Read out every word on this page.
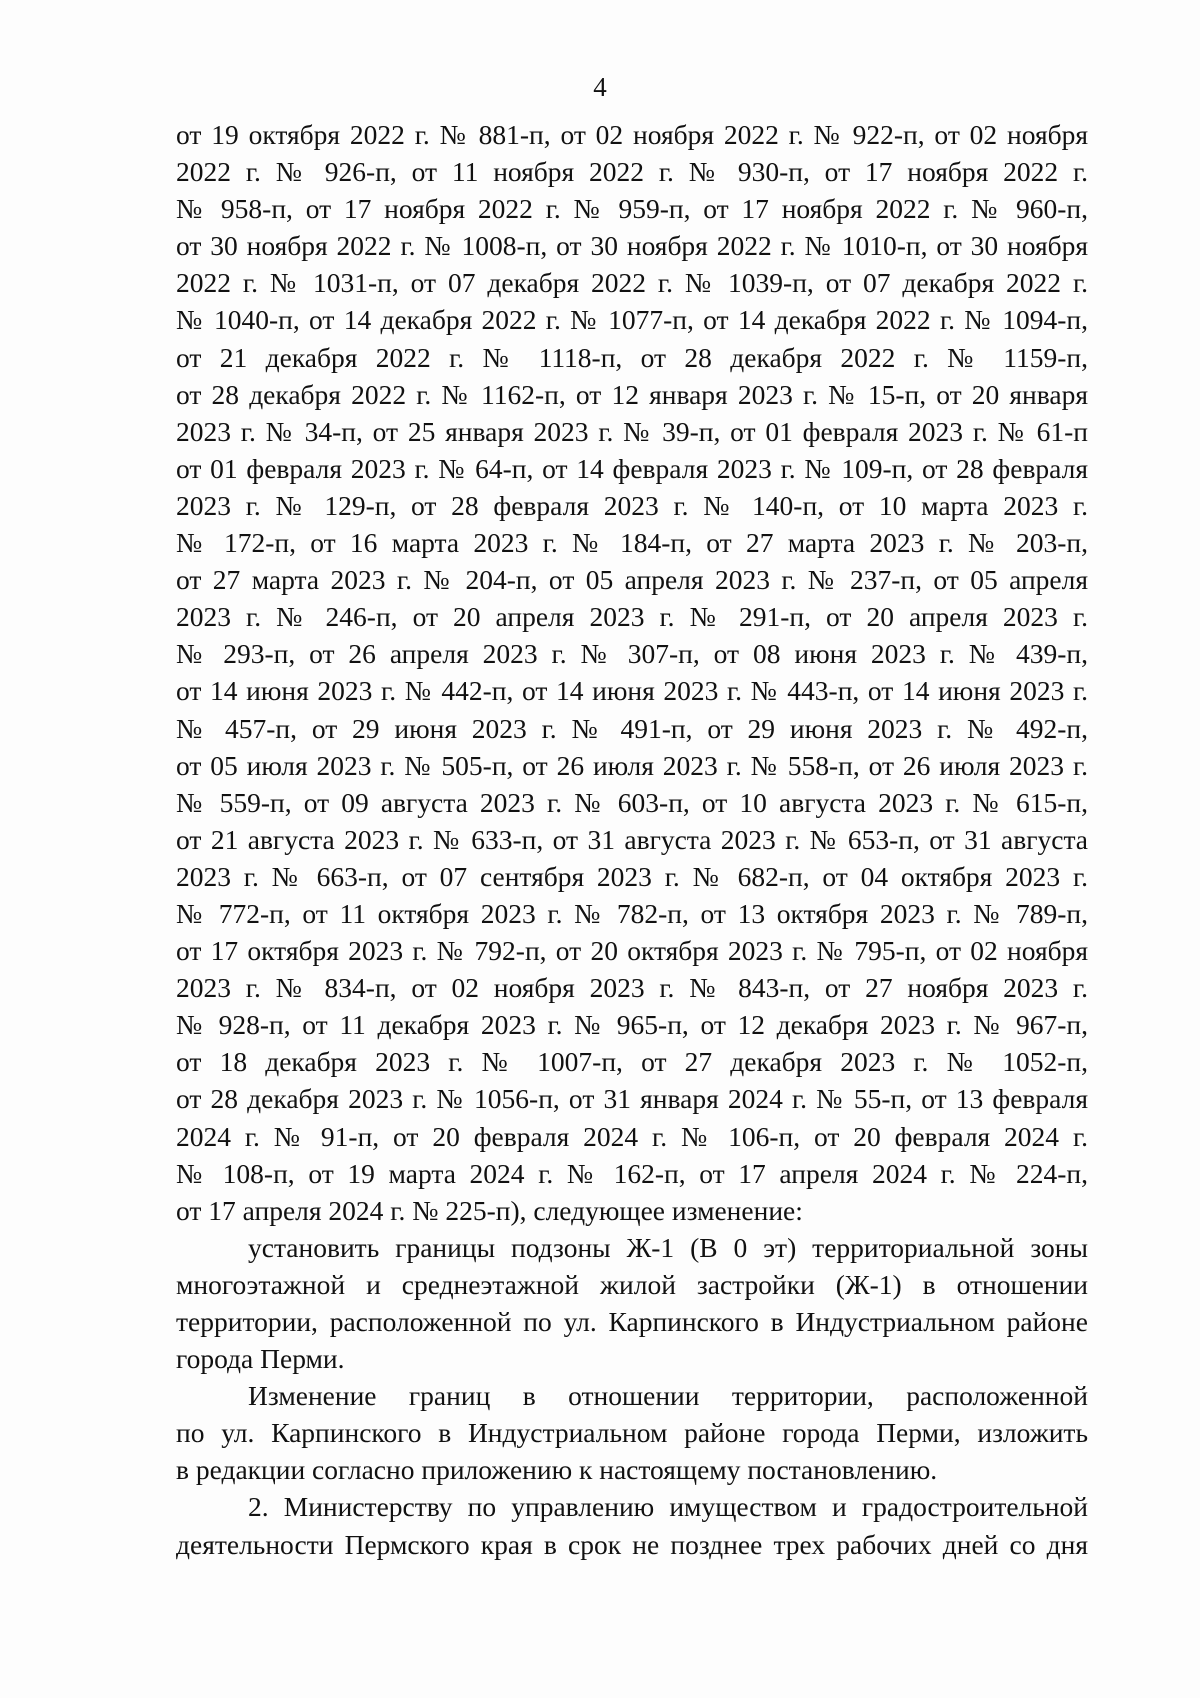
4
от 19 октября 2022 г. № 881-п, от 02 ноября 2022 г. № 922-п, от 02 ноября
2022 г. № 926-п, от 11 ноября 2022 г. № 930-п, от 17 ноября 2022 г.
№ 958-п, от 17 ноября 2022 г. № 959-п, от 17 ноября 2022 г. № 960-п,
от 30 ноября 2022 г. № 1008-п, от 30 ноября 2022 г. № 1010-п, от 30 ноября
2022 г. № 1031-п, от 07 декабря 2022 г. № 1039-п, от 07 декабря 2022 г.
№ 1040-п, от 14 декабря 2022 г. № 1077-п, от 14 декабря 2022 г. № 1094-п,
от 21 декабря 2022 г. № 1118-п, от 28 декабря 2022 г. № 1159-п,
от 28 декабря 2022 г. № 1162-п, от 12 января 2023 г. № 15-п, от 20 января
2023 г. № 34-п, от 25 января 2023 г. № 39-п, от 01 февраля 2023 г. № 61-п
от 01 февраля 2023 г. № 64-п, от 14 февраля 2023 г. № 109-п, от 28 февраля
2023 г. № 129-п, от 28 февраля 2023 г. № 140-п, от 10 марта 2023 г.
№ 172-п, от 16 марта 2023 г. № 184-п, от 27 марта 2023 г. № 203-п,
от 27 марта 2023 г. № 204-п, от 05 апреля 2023 г. № 237-п, от 05 апреля
2023 г. № 246-п, от 20 апреля 2023 г. № 291-п, от 20 апреля 2023 г.
№ 293-п, от 26 апреля 2023 г. № 307-п, от 08 июня 2023 г. № 439-п,
от 14 июня 2023 г. № 442-п, от 14 июня 2023 г. № 443-п, от 14 июня 2023 г.
№ 457-п, от 29 июня 2023 г. № 491-п, от 29 июня 2023 г. № 492-п,
от 05 июля 2023 г. № 505-п, от 26 июля 2023 г. № 558-п, от 26 июля 2023 г.
№ 559-п, от 09 августа 2023 г. № 603-п, от 10 августа 2023 г. № 615-п,
от 21 августа 2023 г. № 633-п, от 31 августа 2023 г. № 653-п, от 31 августа
2023 г. № 663-п, от 07 сентября 2023 г. № 682-п, от 04 октября 2023 г.
№ 772-п, от 11 октября 2023 г. № 782-п, от 13 октября 2023 г. № 789-п,
от 17 октября 2023 г. № 792-п, от 20 октября 2023 г. № 795-п, от 02 ноября
2023 г. № 834-п, от 02 ноября 2023 г. № 843-п, от 27 ноября 2023 г.
№ 928-п, от 11 декабря 2023 г. № 965-п, от 12 декабря 2023 г. № 967-п,
от 18 декабря 2023 г. № 1007-п, от 27 декабря 2023 г. № 1052-п,
от 28 декабря 2023 г. № 1056-п, от 31 января 2024 г. № 55-п, от 13 февраля
2024 г. № 91-п, от 20 февраля 2024 г. № 106-п, от 20 февраля 2024 г.
№ 108-п, от 19 марта 2024 г. № 162-п, от 17 апреля 2024 г. № 224-п,
от 17 апреля 2024 г. № 225-п), следующее изменение:
установить границы подзоны Ж-1 (В 0 эт) территориальной зоны
многоэтажной и среднеэтажной жилой застройки (Ж-1) в отношении
территории, расположенной по ул. Карпинского в Индустриальном районе
города Перми.
Изменение границ в отношении территории, расположенной
по ул. Карпинского в Индустриальном районе города Перми, изложить
в редакции согласно приложению к настоящему постановлению.
2. Министерству по управлению имуществом и градостроительной
деятельности Пермского края в срок не позднее трех рабочих дней со дня
